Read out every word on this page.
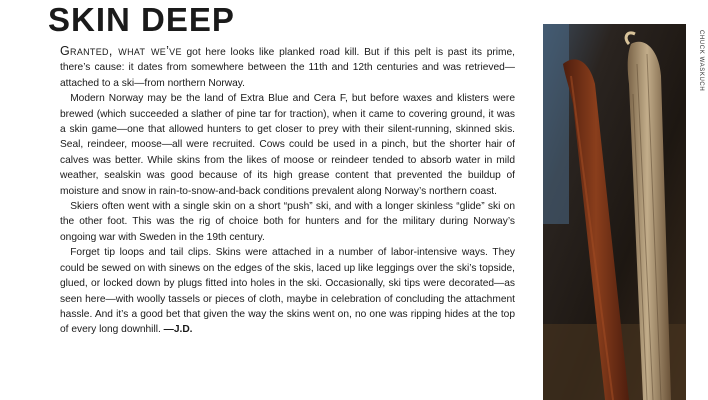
SKIN DEEP

Granted, what we’ve got here looks like planked road kill. But if this pelt is past its prime, there’s cause: it dates from somewhere between the 11th and 12th centuries and was retrieved—attached to a ski—from northern Norway.

 Modern Norway may be the land of Extra Blue and Cera F, but before waxes and klisters were brewed (which succeeded a slather of pine tar for traction), when it came to covering ground, it was a skin game—one that allowed hunters to get closer to prey with their silent-running, skinned skis. Seal, reindeer, moose—all were recruited. Cows could be used in a pinch, but the shorter hair of calves was better. While skins from the likes of moose or reindeer tended to absorb water in mild weather, sealskin was good because of its high grease content that prevented the buildup of moisture and snow in rain-to-snow-and-back conditions prevalent along Norway’s northern coast.

 Skiers often went with a single skin on a short “push” ski, and with a longer skinless “glide” ski on the other foot. This was the rig of choice both for hunters and for the military during Norway’s ongoing war with Sweden in the 19th century.

 Forget tip loops and tail clips. Skins were attached in a number of labor-intensive ways. They could be sewed on with sinews on the edges of the skis, laced up like leggings over the ski’s topside, glued, or locked down by plugs fitted into holes in the ski. Occasionally, ski tips were decorated—as seen here—with woolly tassels or pieces of cloth, maybe in celebration of concluding the attachment hassle. And it’s a good bet that given the way the skins went on, no one was ripping hides at the top of every long downhill. —J.D.

CHUCK WASKUCH
